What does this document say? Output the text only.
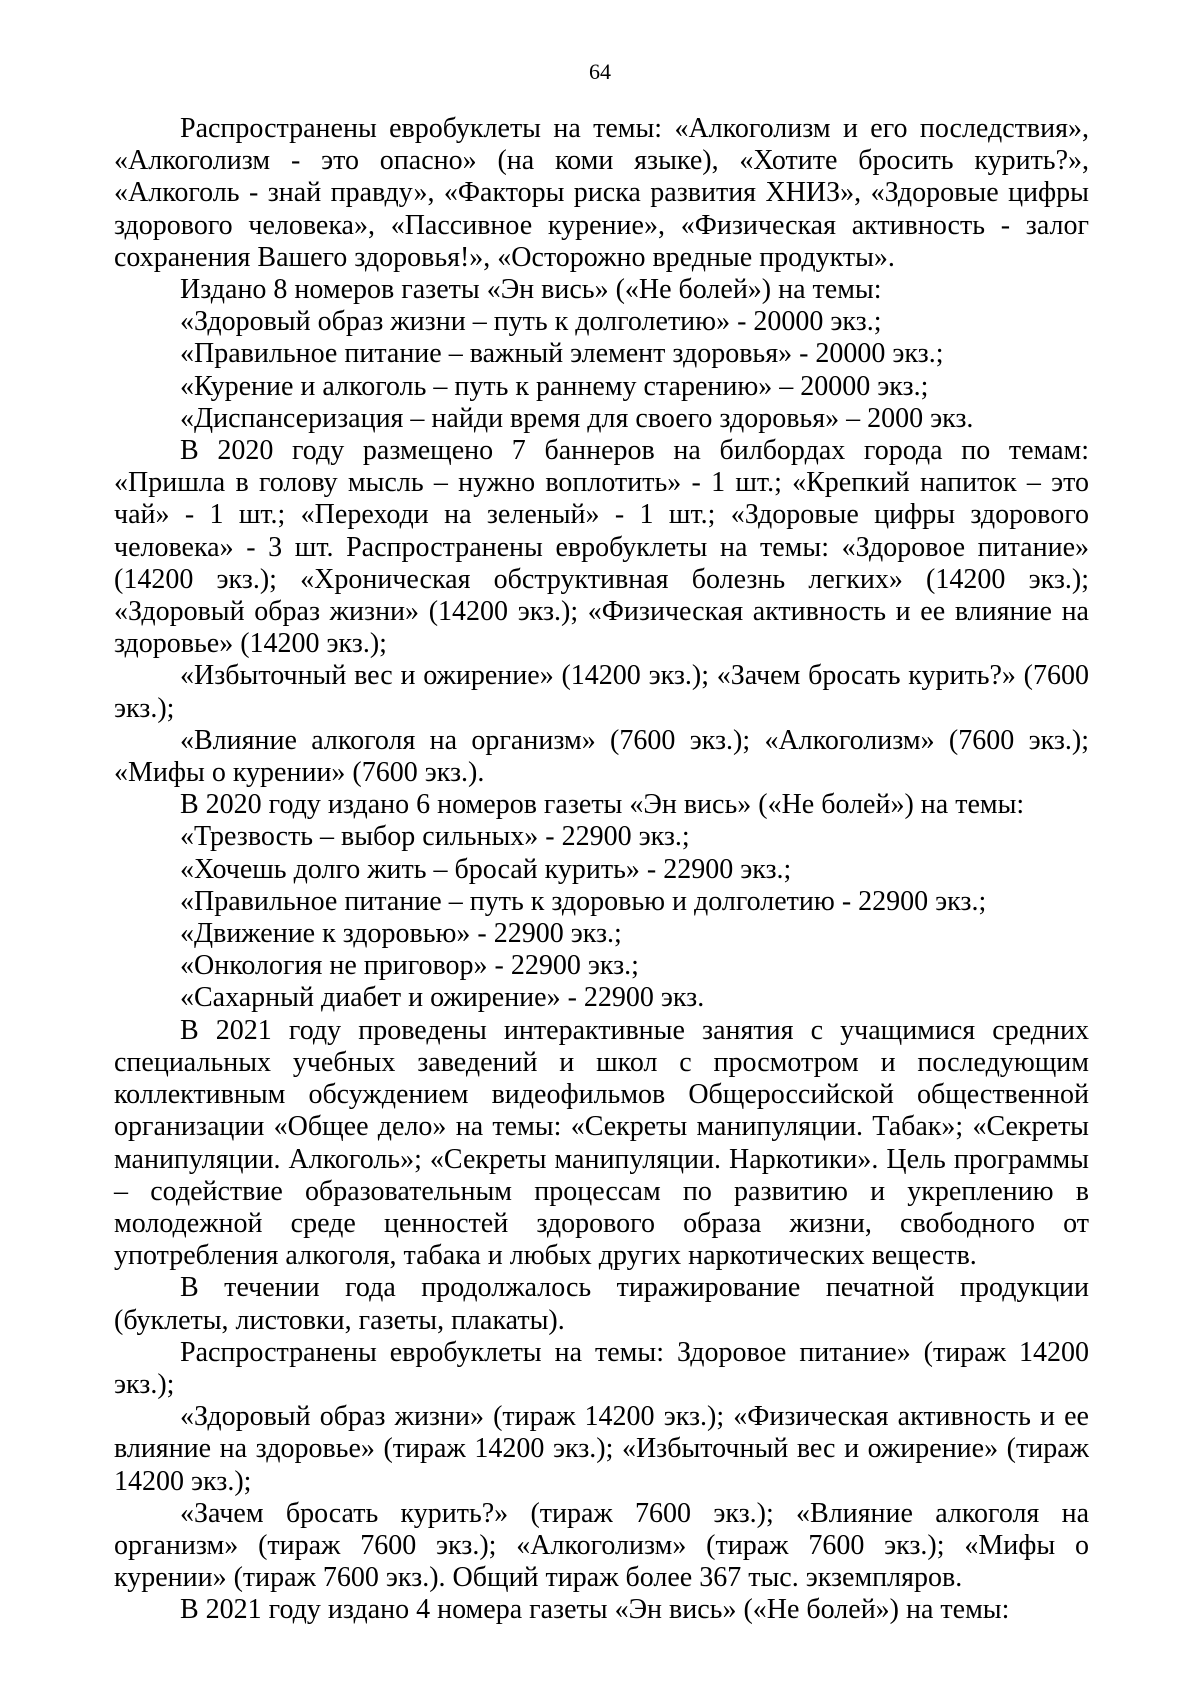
64

Распространены евробуклеты на темы: «Алкоголизм и его последствия», «Алкоголизм - это опасно» (на коми языке), «Хотите бросить курить?», «Алкоголь - знай правду», «Факторы риска развития ХНИЗ», «Здоровые цифры здорового человека», «Пассивное курение», «Физическая активность - залог сохранения Вашего здоровья!», «Осторожно вредные продукты».

Издано 8 номеров газеты «Эн вись» («Не болей») на темы:

«Здоровый образ жизни – путь к долголетию» - 20000 экз.;

«Правильное питание – важный элемент здоровья» - 20000 экз.;

«Курение и алкоголь – путь к раннему старению» – 20000 экз.;

«Диспансеризация – найди время для своего здоровья» – 2000 экз.

В 2020 году размещено 7 баннеров на билбордах города по темам: «Пришла в голову мысль – нужно воплотить» - 1 шт.; «Крепкий напиток – это чай» - 1 шт.; «Переходи на зеленый» - 1 шт.; «Здоровые цифры здорового человека» - 3 шт. Распространены евробуклеты на темы: «Здоровое питание» (14200 экз.); «Хроническая обструктивная болезнь легких» (14200 экз.); «Здоровый образ жизни» (14200 экз.); «Физическая активность и ее влияние на здоровье» (14200 экз.);

«Избыточный вес и ожирение» (14200 экз.); «Зачем бросать курить?» (7600 экз.);

«Влияние алкоголя на организм» (7600 экз.); «Алкоголизм» (7600 экз.); «Мифы о курении» (7600 экз.).

В 2020 году издано 6 номеров газеты «Эн вись» («Не болей») на темы:

«Трезвость – выбор сильных» - 22900 экз.;

«Хочешь долго жить – бросай курить» - 22900 экз.;

«Правильное питание – путь к здоровью и долголетию - 22900 экз.;

«Движение к здоровью» - 22900 экз.;

«Онкология не приговор» - 22900 экз.;

«Сахарный диабет и ожирение» - 22900 экз.

В 2021 году проведены интерактивные занятия с учащимися средних специальных учебных заведений и школ с просмотром и последующим коллективным обсуждением видеофильмов Общероссийской общественной организации «Общее дело» на темы: «Секреты манипуляции. Табак»; «Секреты манипуляции. Алкоголь»; «Секреты манипуляции. Наркотики». Цель программы – содействие образовательным процессам по развитию и укреплению в молодежной среде ценностей здорового образа жизни, свободного от употребления алкоголя, табака и любых других наркотических веществ.

В течении года продолжалось тиражирование печатной продукции (буклеты, листовки, газеты, плакаты).

Распространены евробуклеты на темы: Здоровое питание» (тираж 14200 экз.);

«Здоровый образ жизни» (тираж 14200 экз.); «Физическая активность и ее влияние на здоровье» (тираж 14200 экз.); «Избыточный вес и ожирение» (тираж 14200 экз.);

«Зачем бросать курить?» (тираж 7600 экз.); «Влияние алкоголя на организм» (тираж 7600 экз.); «Алкоголизм» (тираж 7600 экз.); «Мифы о курении» (тираж 7600 экз.). Общий тираж более 367 тыс. экземпляров.

В 2021 году издано 4 номера газеты «Эн вись» («Не болей») на темы:
